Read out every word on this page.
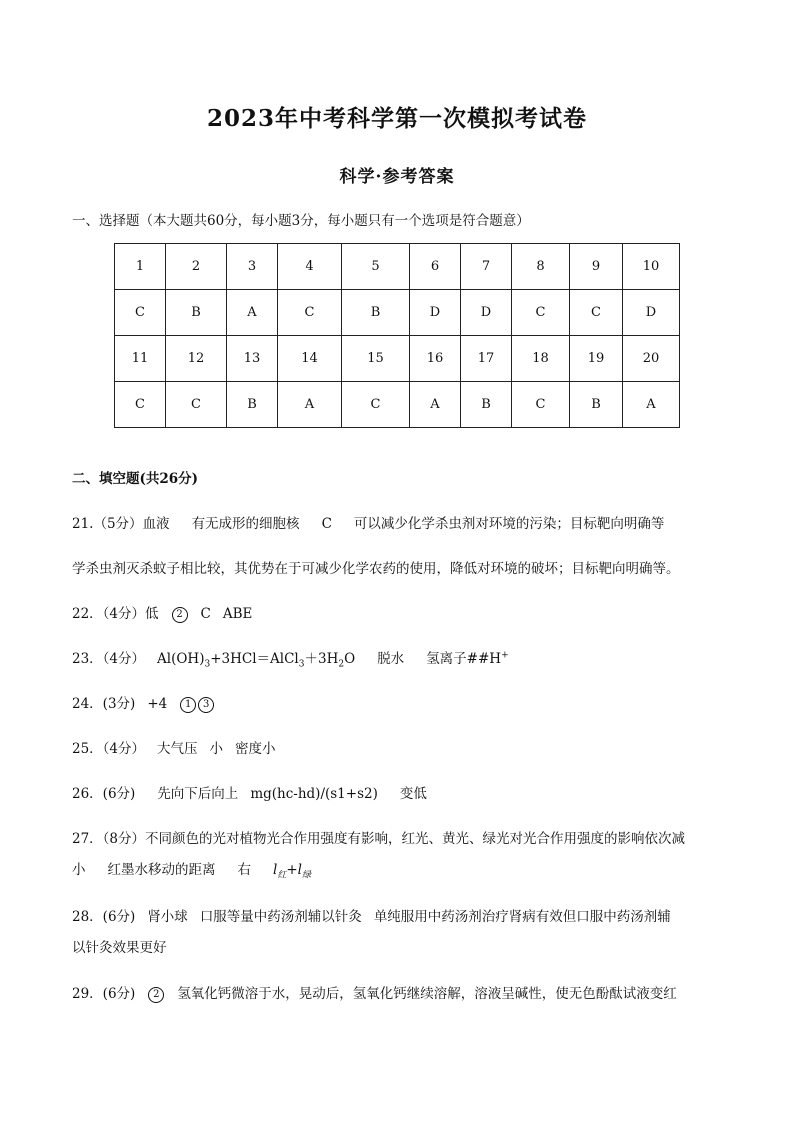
2023年中考科学第一次模拟考试卷
科学·参考答案
一、选择题（本大题共60分，每小题3分，每小题只有一个选项是符合题意）
1	2	3	4	5	6	7	8	9	10
C	B	A	C	B	D	D	C	C	D
11	12	13	14	15	16	17	18	19	20
C	C	B	A	C	A	B	C	B	A
二、填空题(共26分)
21.（5分）血液 有无成形的细胞核 C 可以减少化学杀虫剂对环境的污染；目标靶向明确等
学杀虫剂灭杀蚊子相比较，其优势在于可减少化学农药的使用，降低对环境的破坏；目标靶向明确等。
22．（4分）低 2 C ABE
23．（4分） $Al(OH)_3+3HCl=AlCl_3+3H_2O$ 脱水 氢离子##H+
24．(3分) +4 1 3
25．（4分） 大气压 小 密度小
26．(6分) 先向下后向上 mg(hc-hd)/(s1+s2) 变低
27．（8分）不同颜色的光对植物光合作用强度有影响，红光、黄光、绿光对光合作用强度的影响依次减
小 红墨水移动的距离 右 $l_红+l_绿$
28．(6分) 肾小球 口服等量中药汤剂辅以针灸 单纯服用中药汤剂治疗肾病有效但口服中药汤剂辅
以针灸效果更好
29．(6分) 2 氢氧化钙微溶于水，晃动后，氢氧化钙继续溶解，溶液呈碱性，使无色酚酞试液变红
